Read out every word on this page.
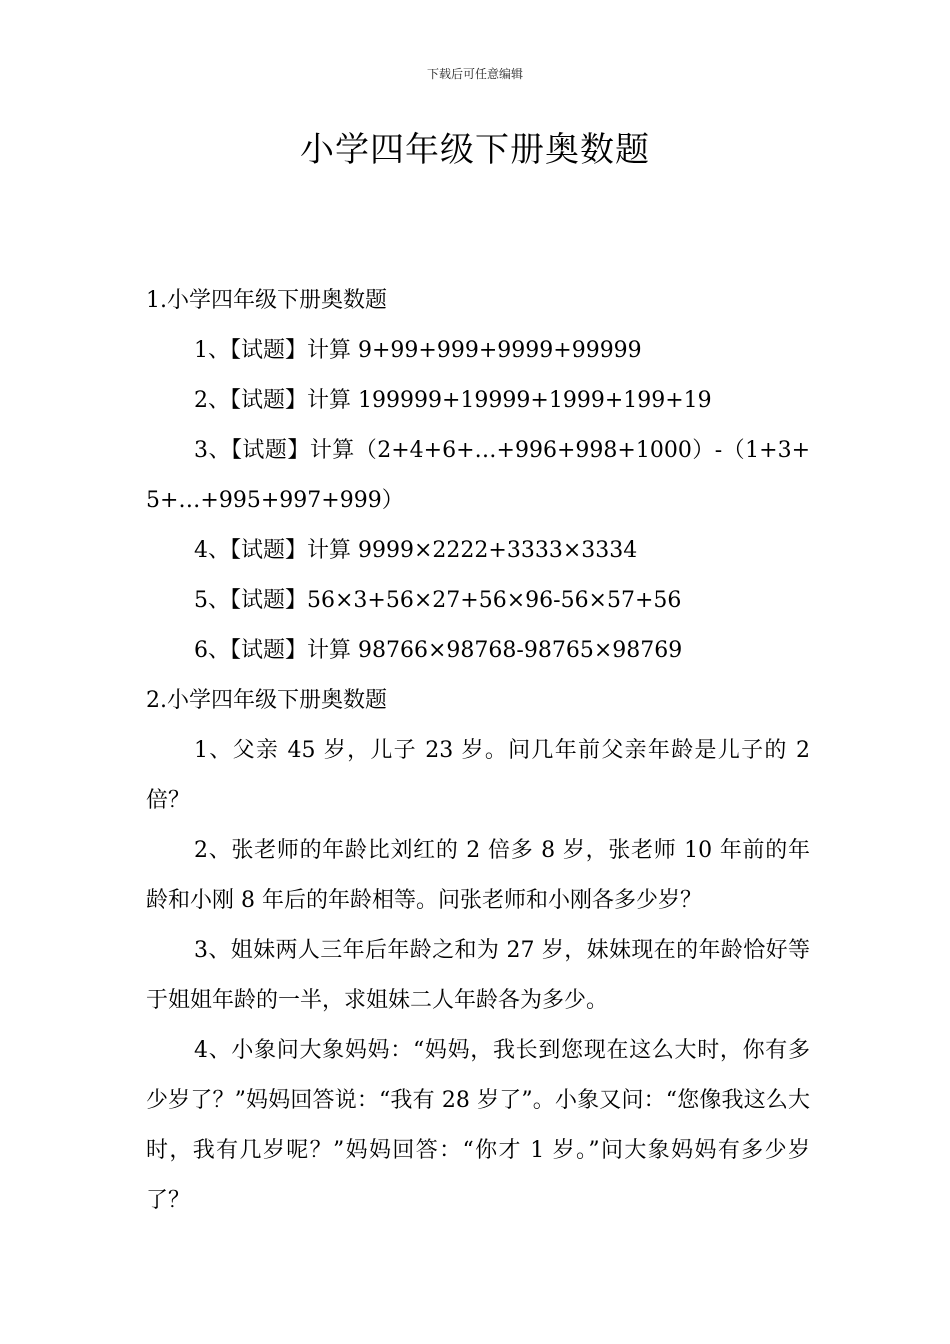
下载后可任意编辑
小学四年级下册奥数题

1.小学四年级下册奥数题

1、【试题】计算 9+99+999+9999+99999

2、【试题】计算 199999+19999+1999+199+19

3、【试题】计算（2+4+6+…+996+998+1000）-（1+3+5+…+995+997+999）

4、【试题】计算 9999×2222+3333×3334

5、【试题】56×3+56×27+56×96-56×57+56

6、【试题】计算 98766×98768-98765×98769

2.小学四年级下册奥数题

1、父亲 45 岁，儿子 23 岁。问几年前父亲年龄是儿子的 2 倍？

2、张老师的年龄比刘红的 2 倍多 8 岁，张老师 10 年前的年龄和小刚 8 年后的年龄相等。问张老师和小刚各多少岁？

3、姐妹两人三年后年龄之和为 27 岁，妹妹现在的年龄恰好等于姐姐年龄的一半，求姐妹二人年龄各为多少。

4、小象问大象妈妈：“妈妈，我长到您现在这么大时，你有多少岁了？”妈妈回答说：“我有 28 岁了”。小象又问：“您像我这么大时，我有几岁呢？”妈妈回答：“你才 1 岁。”问大象妈妈有多少岁了？
